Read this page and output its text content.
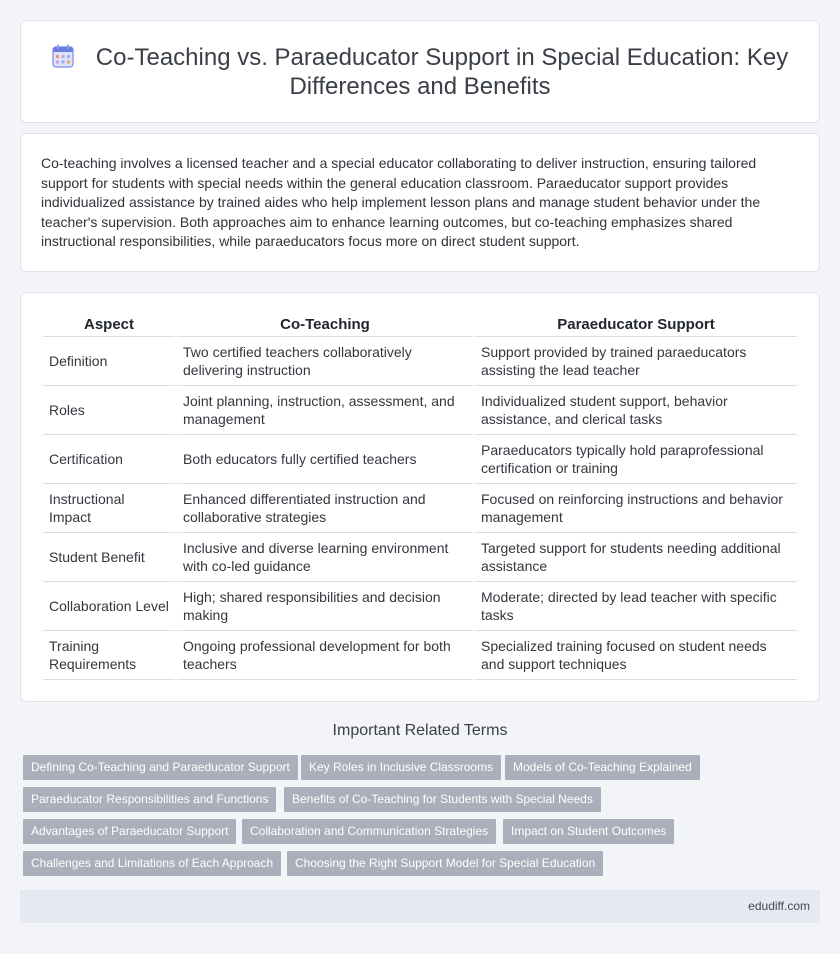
Co-Teaching vs. Paraeducator Support in Special Education: Key Differences and Benefits

Co-teaching involves a licensed teacher and a special educator collaborating to deliver instruction, ensuring tailored support for students with special needs within the general education classroom. Paraeducator support provides individualized assistance by trained aides who help implement lesson plans and manage student behavior under the teacher's supervision. Both approaches aim to enhance learning outcomes, but co-teaching emphasizes shared instructional responsibilities, while paraeducators focus more on direct student support.

Aspect	Co-Teaching	Paraeducator Support
Definition	Two certified teachers collaboratively delivering instruction	Support provided by trained paraeducators assisting the lead teacher
Roles	Joint planning, instruction, assessment, and management	Individualized student support, behavior assistance, and clerical tasks
Certification	Both educators fully certified teachers	Paraeducators typically hold paraprofessional certification or training
Instructional Impact	Enhanced differentiated instruction and collaborative strategies	Focused on reinforcing instructions and behavior management
Student Benefit	Inclusive and diverse learning environment with co-led guidance	Targeted support for students needing additional assistance
Collaboration Level	High; shared responsibilities and decision making	Moderate; directed by lead teacher with specific tasks
Training Requirements	Ongoing professional development for both teachers	Specialized training focused on student needs and support techniques
Important Related Terms
Defining Co-Teaching and Paraeducator Support	Key Roles in Inclusive Classrooms	Models of Co-Teaching Explained
Paraeducator Responsibilities and Functions	Benefits of Co-Teaching for Students with Special Needs
Advantages of Paraeducator Support	Collaboration and Communication Strategies	Impact on Student Outcomes
Challenges and Limitations of Each Approach	Choosing the Right Support Model for Special Education
edudiff.com
